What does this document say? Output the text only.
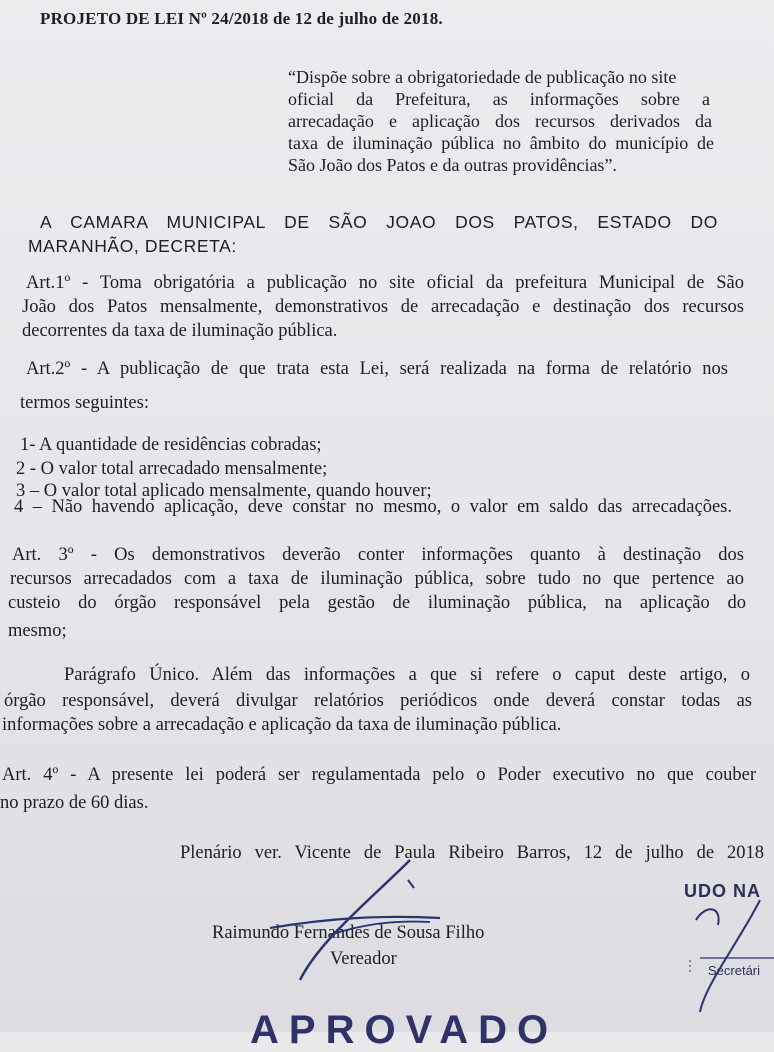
PROJETO DE LEI Nº 24/2018 de 12 de julho de 2018.

“Dispõe sobre a obrigatoriedade de publicação no site
oficial da Prefeitura, as informações sobre a
arrecadação e aplicação dos recursos derivados da
taxa de iluminação pública no âmbito do município de
São João dos Patos e da outras providências”.
A CAMARA MUNICIPAL DE SÃO JOAO DOS PATOS, ESTADO DO
MARANHÃO, DECRETA:
Art.1º - Toma obrigatória a publicação no site oficial da prefeitura Municipal de São
João dos Patos mensalmente, demonstrativos de arrecadação e destinação dos recursos
decorrentes da taxa de iluminação pública.
Art.2º - A publicação de que trata esta Lei, será realizada na forma de relatório nos
termos seguintes:
1- A quantidade de residências cobradas;
2 - O valor total arrecadado mensalmente;
3 – O valor total aplicado mensalmente, quando houver;
4 – Não havendo aplicação, deve constar no mesmo, o valor em saldo das arrecadações.
Art. 3º - Os demonstrativos deverão conter informações quanto à destinação dos
recursos arrecadados com a taxa de iluminação pública, sobre tudo no que pertence ao
custeio do órgão responsável pela gestão de iluminação pública, na aplicação do
mesmo;
Parágrafo Único. Além das informações a que si refere o caput deste artigo, o
órgão responsável, deverá divulgar relatórios periódicos onde deverá constar todas as
informações sobre a arrecadação e aplicação da taxa de iluminação pública.
Art. 4º - A presente lei poderá ser regulamentada pelo o Poder executivo no que couber
no prazo de 60 dias.
Plenário ver. Vicente de Paula Ribeiro Barros, 12 de julho de 2018
Raimundo Fernandes de Sousa Filho
Vereador
UDO NA
Secretári
APROVADO
